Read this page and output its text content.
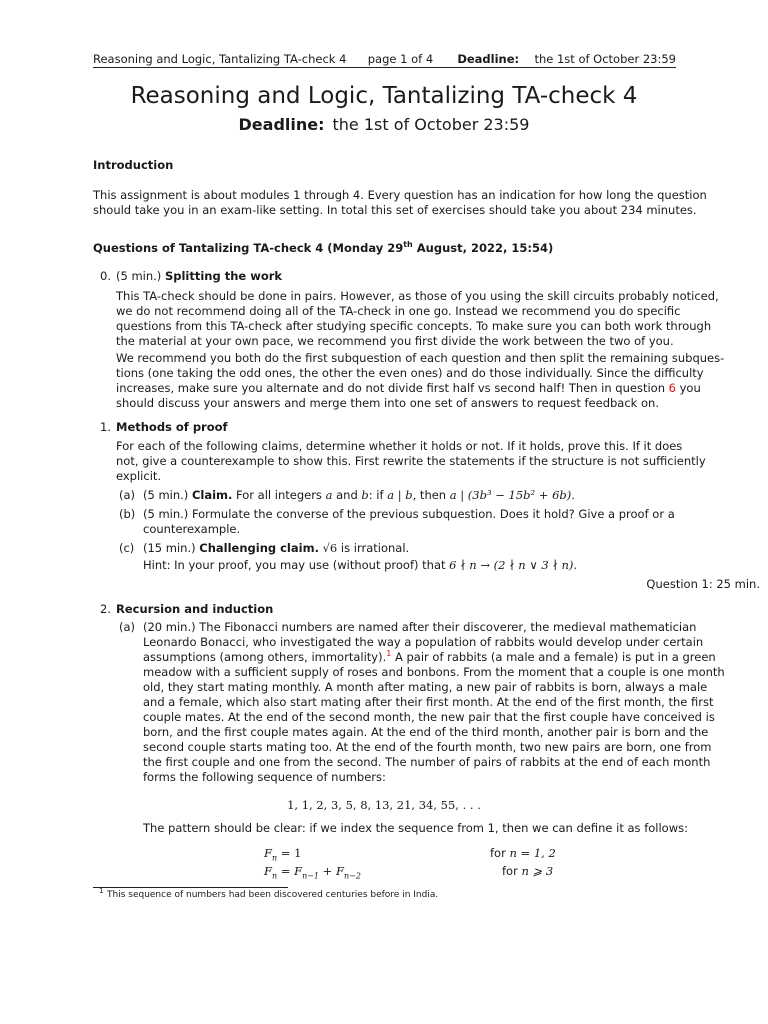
Reasoning and Logic, Tantalizing TA-check 4 page 1 of 4 Deadline: the 1st of October 23:59
Reasoning and Logic, Tantalizing TA-check 4
Deadline: the 1st of October 23:59
Introduction
This assignment is about modules 1 through 4. Every question has an indication for how long the question
should take you in an exam-like setting. In total this set of exercises should take you about 234 minutes.
Questions of Tantalizing TA-check 4 (Monday 29th August, 2022, 15:54)
0. (5 min.) Splitting the work
This TA-check should be done in pairs. However, as those of you using the skill circuits probably noticed,
we do not recommend doing all of the TA-check in one go. Instead we recommend you do specific
questions from this TA-check after studying specific concepts. To make sure you can both work through
the material at your own pace, we recommend you first divide the work between the two of you.
We recommend you both do the first subquestion of each question and then split the remaining subques-
tions (one taking the odd ones, the other the even ones) and do those individually. Since the difficulty
increases, make sure you alternate and do not divide first half vs second half! Then in question 6 you
should discuss your answers and merge them into one set of answers to request feedback on.
1. Methods of proof
For each of the following claims, determine whether it holds or not. If it holds, prove this. If it does
not, give a counterexample to show this. First rewrite the statements if the structure is not sufficiently
explicit.
(a) (5 min.) Claim. For all integers a and b: if a | b, then a | (3b³ − 15b² + 6b).
(b) (5 min.) Formulate the converse of the previous subquestion. Does it hold? Give a proof or a
counterexample.
(c) (15 min.) Challenging claim. √6 is irrational.
Hint: In your proof, you may use (without proof) that 6 ∤ n → (2 ∤ n ∨ 3 ∤ n).
Question 1: 25 min.
2. Recursion and induction
(a) (20 min.) The Fibonacci numbers are named after their discoverer, the medieval mathematician
Leonardo Bonacci, who investigated the way a population of rabbits would develop under certain
assumptions (among others, immortality).$^1$ A pair of rabbits (a male and a female) is put in a green
meadow with a sufficient supply of roses and bonbons. From the moment that a couple is one month
old, they start mating monthly. A month after mating, a new pair of rabbits is born, always a male
and a female, which also start mating after their first month. At the end of the first month, the first
couple mates. At the end of the second month, the new pair that the first couple have conceived is
born, and the first couple mates again. At the end of the third month, another pair is born and the
second couple starts mating too. At the end of the fourth month, two new pairs are born, one from
the first couple and one from the second. The number of pairs of rabbits at the end of each month
forms the following sequence of numbers:
1, 1, 2, 3, 5, 8, 13, 21, 34, 55, . . .
The pattern should be clear: if we index the sequence from 1, then we can define it as follows:
$F_n = 1$	for n = 1, 2
$F_n = F_{n-1} + F_{n-2}$	for n ⩾ 3
1 This sequence of numbers had been discovered centuries before in India.
